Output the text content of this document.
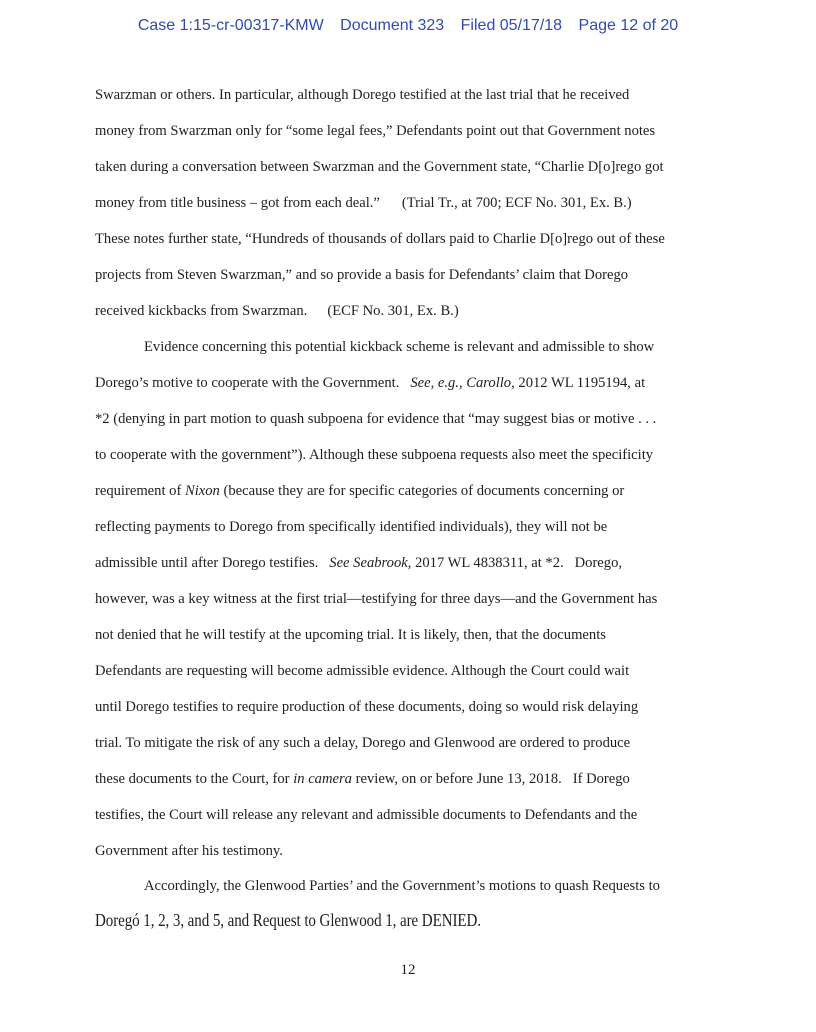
Case 1:15-cr-00317-KMW Document 323 Filed 05/17/18 Page 12 of 20
Swarzman or others. In particular, although Dorego testified at the last trial that he received
money from Swarzman only for “some legal fees,” Defendants point out that Government notes
taken during a conversation between Swarzman and the Government state, “Charlie D[o]rego got
money from title business – got from each deal.” (Trial Tr., at 700; ECF No. 301, Ex. B.)
These notes further state, “Hundreds of thousands of dollars paid to Charlie D[o]rego out of these
projects from Steven Swarzman,” and so provide a basis for Defendants’ claim that Dorego
received kickbacks from Swarzman. (ECF No. 301, Ex. B.)
Evidence concerning this potential kickback scheme is relevant and admissible to show
Dorego’s motive to cooperate with the Government.   See, e.g., Carollo, 2012 WL 1195194, at
*2 (denying in part motion to quash subpoena for evidence that “may suggest bias or motive . . .
to cooperate with the government”). Although these subpoena requests also meet the specificity
requirement of Nixon (because they are for specific categories of documents concerning or
reflecting payments to Dorego from specifically identified individuals), they will not be
admissible until after Dorego testifies.   See Seabrook, 2017 WL 4838311, at *2.   Dorego,
however, was a key witness at the first trial—testifying for three days—and the Government has
not denied that he will testify at the upcoming trial. It is likely, then, that the documents
Defendants are requesting will become admissible evidence. Although the Court could wait
until Dorego testifies to require production of these documents, doing so would risk delaying
trial. To mitigate the risk of any such a delay, Dorego and Glenwood are ordered to produce
these documents to the Court, for in camera review, on or before June 13, 2018.   If Dorego
testifies, the Court will release any relevant and admissible documents to Defendants and the
Government after his testimony.
Accordingly, the Glenwood Parties’ and the Government’s motions to quash Requests to
Doregó 1, 2, 3, and 5, and Request to Glenwood 1, are DENIED.
12
